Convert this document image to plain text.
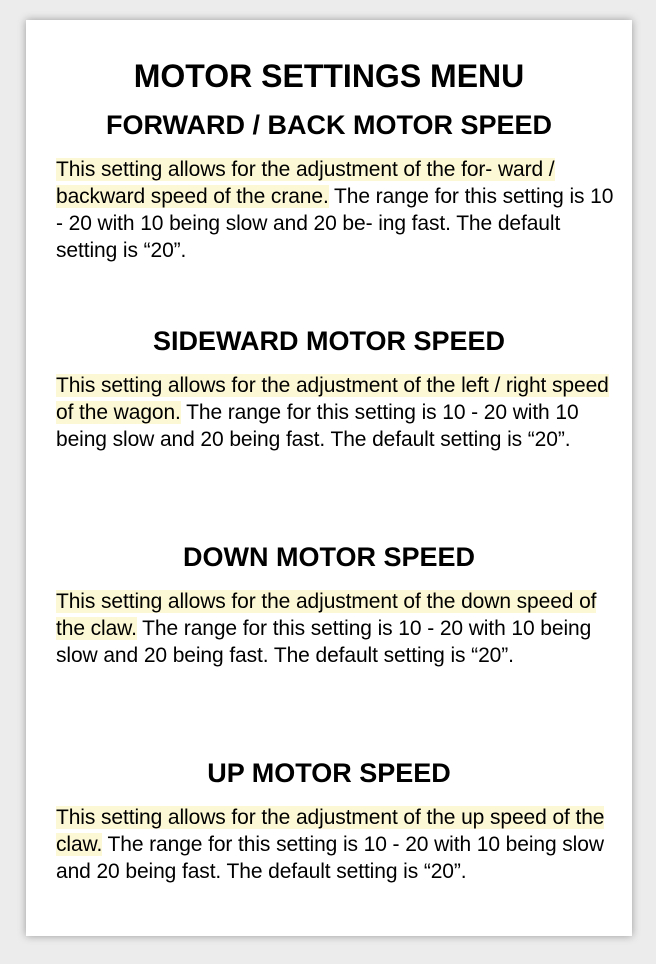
MOTOR SETTINGS MENU
FORWARD / BACK MOTOR SPEED

This setting allows for the adjustment of the for- ward / backward speed of the crane. The range for this setting is 10 - 20 with 10 being slow and 20 be- ing fast. The default setting is “20”.

SIDEWARD MOTOR SPEED

This setting allows for the adjustment of the left / right speed of the wagon. The range for this setting is 10 - 20 with 10 being slow and 20 being fast. The default setting is “20”.

DOWN MOTOR SPEED

This setting allows for the adjustment of the down speed of the claw. The range for this setting is 10 - 20 with 10 being slow and 20 being fast. The default setting is “20”.

UP MOTOR SPEED

This setting allows for the adjustment of the up speed of the claw. The range for this setting is 10 - 20 with 10 being slow and 20 being fast. The default setting is “20”.
